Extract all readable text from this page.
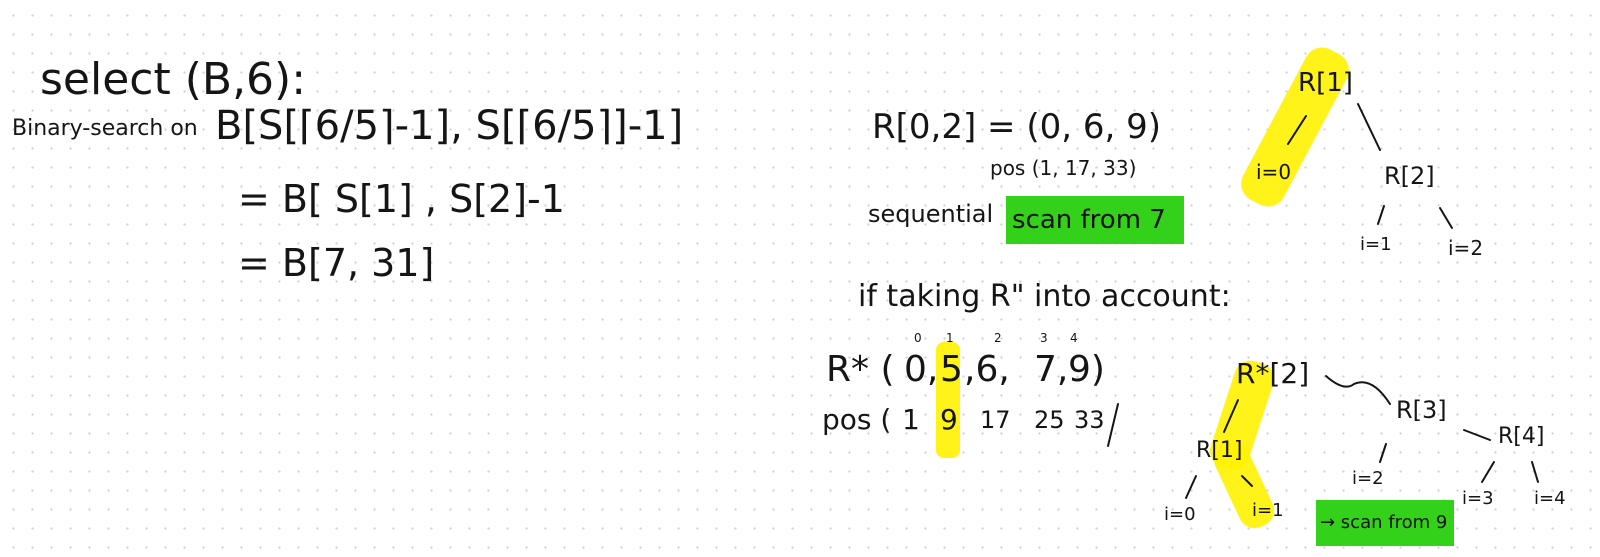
select (B,6):
Binary-search on B[S[⌈6/5⌉-1], S[⌈6/5⌉]-1]
= B[ S[1] , S[2]-1
= B[7, 31]
R[0,2] = (0, 6, 9)
pos (1, 17, 33)
sequential scan from 7
R[1]
i=0	R[2]
i=1	i=2
if taking R" into account:
0 1	2	3 4
R* ( 0, 5 ,6, 7, 9)
pos ( 1 9 17 25 33
R*[2]
R[1]
i=0	i=1
R[3]
i=2
R[4]
i=3 i=4
→ scan from 9
